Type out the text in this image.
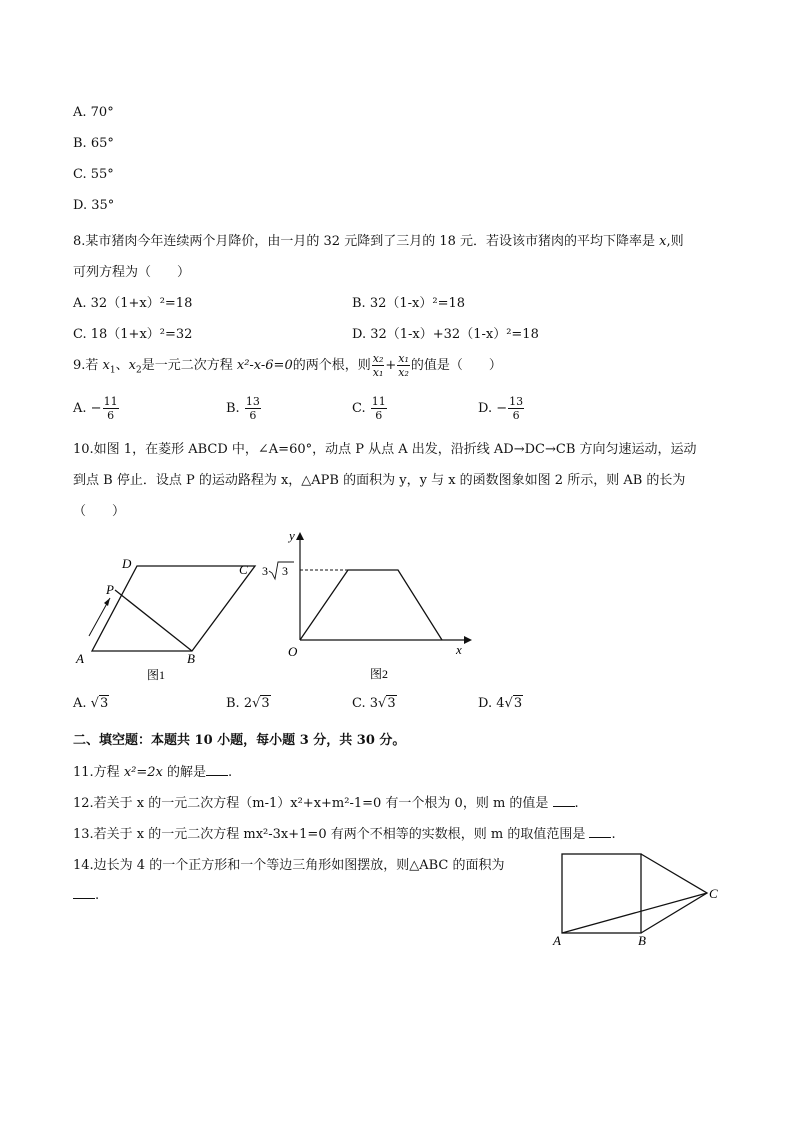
A. 70°
B. 65°
C. 55°
D. 35°
8.某市猪肉今年连续两个月降价，由一月的 32 元降到了三月的 18 元．若设该市猪肉的平均下降率是 x,则
可列方程为（　　）
A. 32（1+x）²=18	B. 32（1-x）²=18
C. 18（1+x）²=32	D. 32（1-x）+32（1-x）²=18
9.若 $x_1$、$x_2$是一元二次方程 x²-x-6=0的两个根，则 $\frac{\text{x₂}}{\text{x₁}} + \frac{\text{x₁}}{\text{x₂}}$ 的值是（　　）
A. − $\frac{11}{6}$	B. $\frac{13}{6}$	C. $\frac{11}{6}$	D. − $\frac{13}{6}$
10.如图 1，在菱形 ABCD 中，∠A=60°，动点 P 从点 A 出发，沿折线 AD→DC→CB 方向匀速运动，运动
到点 B 停止．设点 P 的运动路程为 x，△APB 的面积为 y，y 与 x 的函数图象如图 2 所示，则 AB 的长为
（　　）
A	B
C
D
P
图1
y
x
O
3 3
图2
A. √3	B. 2√3	C. 3√3	D. 4√3
二、填空题：本题共 10 小题，每小题 3 分，共 30 分。
11.方程 x²=2x 的解是 .
12.若关于 x 的一元二次方程（m-1）x²+x+m²-1=0 有一个根为 0，则 m 的值是 .
13.若关于 x 的一元二次方程 mx²-3x+1=0 有两个不相等的实数根，则 m 的取值范围是 .
14.边长为 4 的一个正方形和一个等边三角形如图摆放，则△ABC 的面积为
.
A	B
C
